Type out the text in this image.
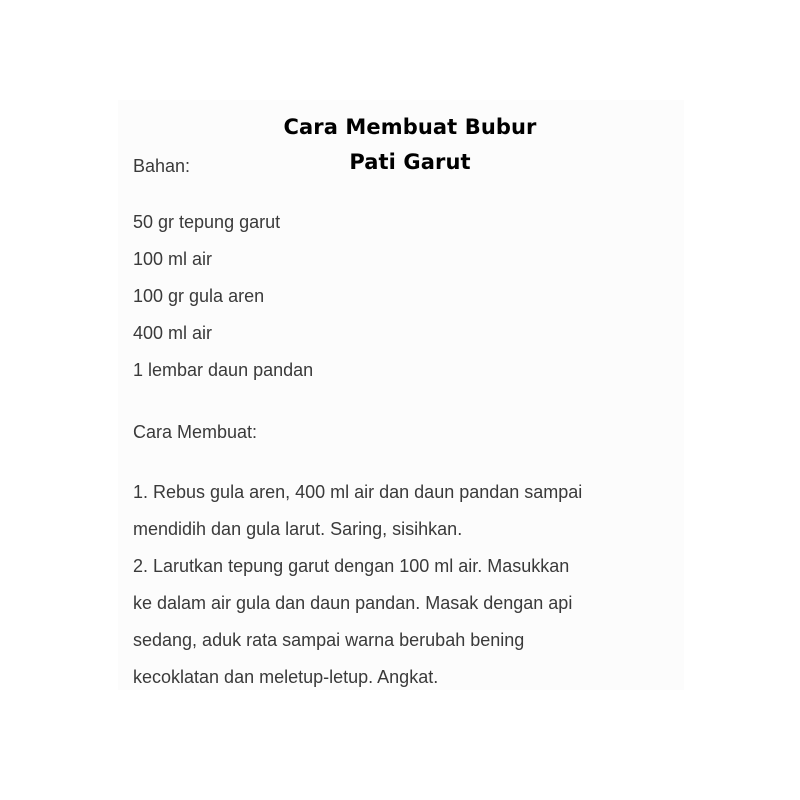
Cara Membuat Bubur
Pati Garut
Bahan:
50 gr tepung garut
100 ml air
100 gr gula aren
400 ml air
1 lembar daun pandan
Cara Membuat:
1. Rebus gula aren, 400 ml air dan daun pandan sampai
mendidih dan gula larut. Saring, sisihkan.
2. Larutkan tepung garut dengan 100 ml air. Masukkan
ke dalam air gula dan daun pandan. Masak dengan api
sedang, aduk rata sampai warna berubah bening
kecoklatan dan meletup-letup. Angkat.
